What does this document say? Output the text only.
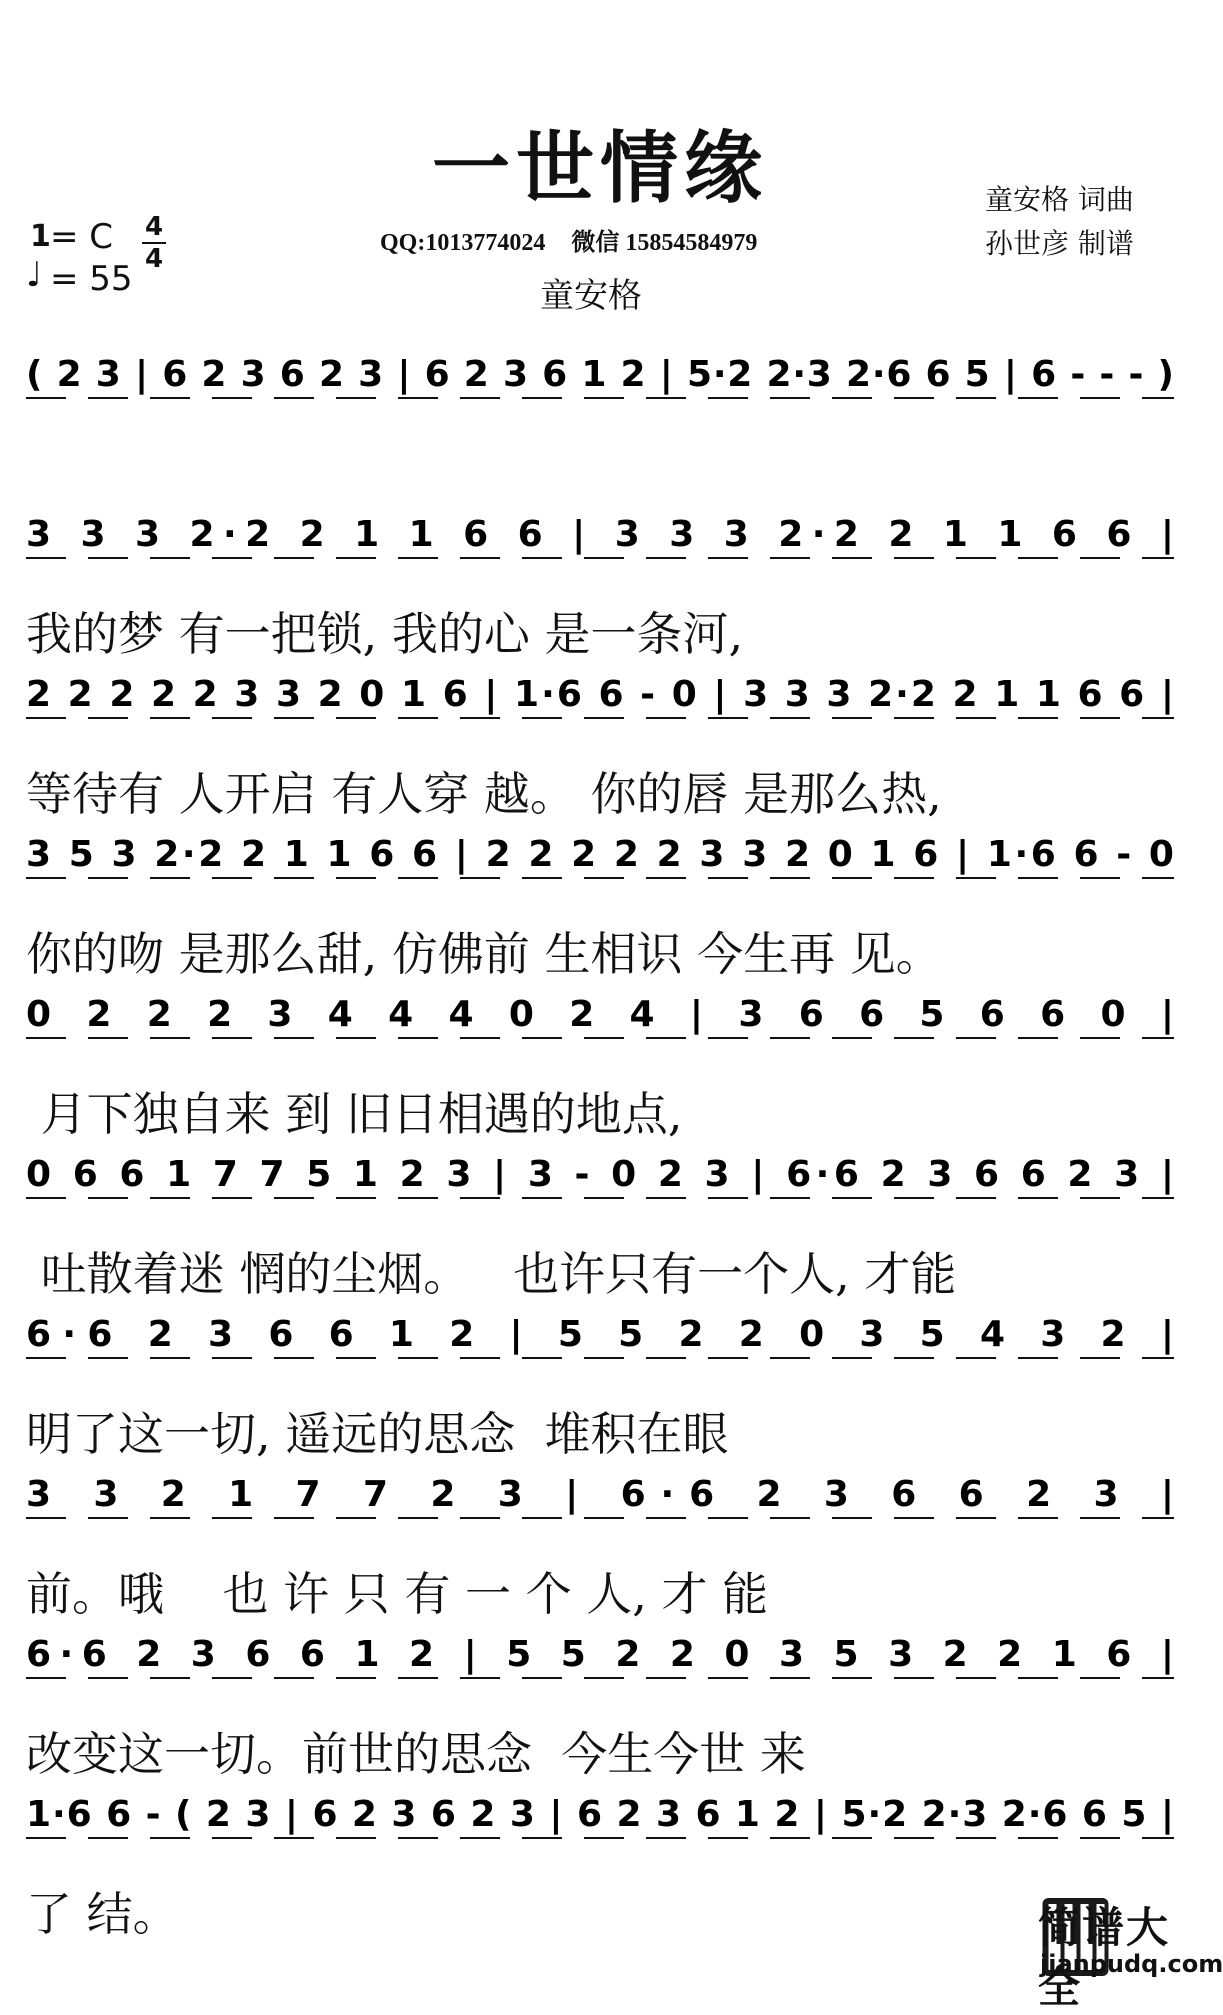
一世情缘
QQ:1013774024 微信 15854584979
童安格
童安格 词曲
孙世彦 制谱
1 = C
♩ = 55
4
4
( 2 3 | 6 2 3 6 2 3 | 6 2 3 6 1 2 | 5·2 2·3 2·6 6 5 | 6 - - - )
3 3 3 2·2 2 1 1 6 6 | 3 3 3 2·2 2 1 1 6 6 |
我的梦 有一把锁, 我的心 是一条河,
2 2 2 2 2 3 3 2 0 1 6 | 1·6 6 - 0 | 3 3 3 2·2 2 1 1 6 6 |
等待有 人开启 有人穿 越。 你的唇 是那么热,
3 5 3 2·2 2 1 1 6 6 | 2 2 2 2 2 3 3 2 0 1 6 | 1·6 6 - 0
你的吻 是那么甜, 仿佛前 生相识 今生再 见。
0 2 2 2 3 4 4 4 0 2 4 | 3 6 6 5 6 6 0 |
月下独自来 到 旧日相遇的地点,
0 6 6 1 7 7 5 1 2 3 | 3 - 0 2 3 | 6·6 2 3 6 6 2 3 |
吐散着迷 惘的尘烟。   也许只有一个人, 才能
6·6 2 3 6 6 1 2 | 5 5 2 2 0 3 5 4 3 2 |
明了这一切, 遥远的思念  堆积在眼
3 3 2 1 7 7 2 3 | 6·6 2 3 6 6 2 3 |
前。哦    也 许 只 有 一 个 人, 才 能
6·6 2 3 6 6 1 2 | 5 5 2 2 0 3 5 3 2 2 1 6 |
改变这一切。前世的思念  今生今世 来
1·6 6 - ( 2 3 | 6 2 3 6 2 3 | 6 2 3 6 1 2 | 5·2 2·3 2·6 6 5 |
了 结。	简谱大全
jianpudq.com
